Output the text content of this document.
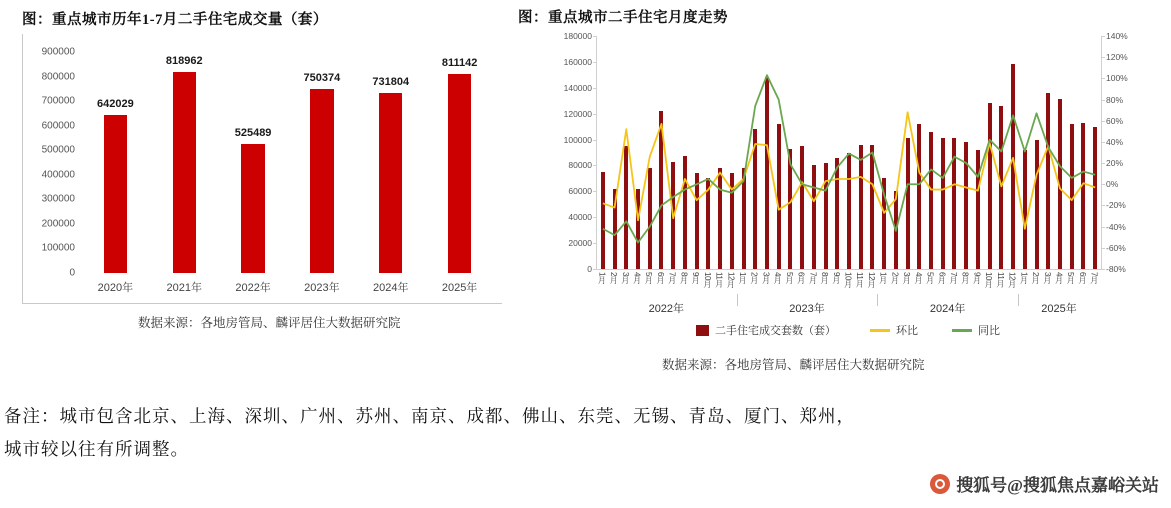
图：重点城市历年1-7月二手住宅成交量（套）
0
100000
200000
300000
400000
500000
600000
700000
800000
900000
642029
818962
525489
750374	731804
811142
2020年	2021年	2022年	2023年	2024年	2025年
数据来源：各地房管局、麟评居住大数据研究院
图：重点城市二手住宅月度走势
0
20000
40000
60000
80000
100000
120000
140000
160000
180000
-80%
-60%
-40%
-20%
0%
20%
40%
60%
80%
100%
120%
140%
1月 2月 3月 4月 5月 6月 7月 8月 9月 10月 11月 12月 1月 2月 3月 4月 5月 6月 7月 8月 9月 10月 11月 12月 1月 2月 3月 4月 5月 6月 7月 8月 9月 10月 11月 12月 1月 2月 3月 4月 5月 6月 7月
2022年	2023年	2024年	2025年
二手住宅成交套数（套）	环比	同比
数据来源：各地房管局、麟评居住大数据研究院
备注：城市包含北京、上海、深圳、广州、苏州、南京、成都、佛山、东莞、无锡、青岛、厦门、郑州，
城市较以往有所调整。
搜狐号@搜狐焦点嘉峪关站
